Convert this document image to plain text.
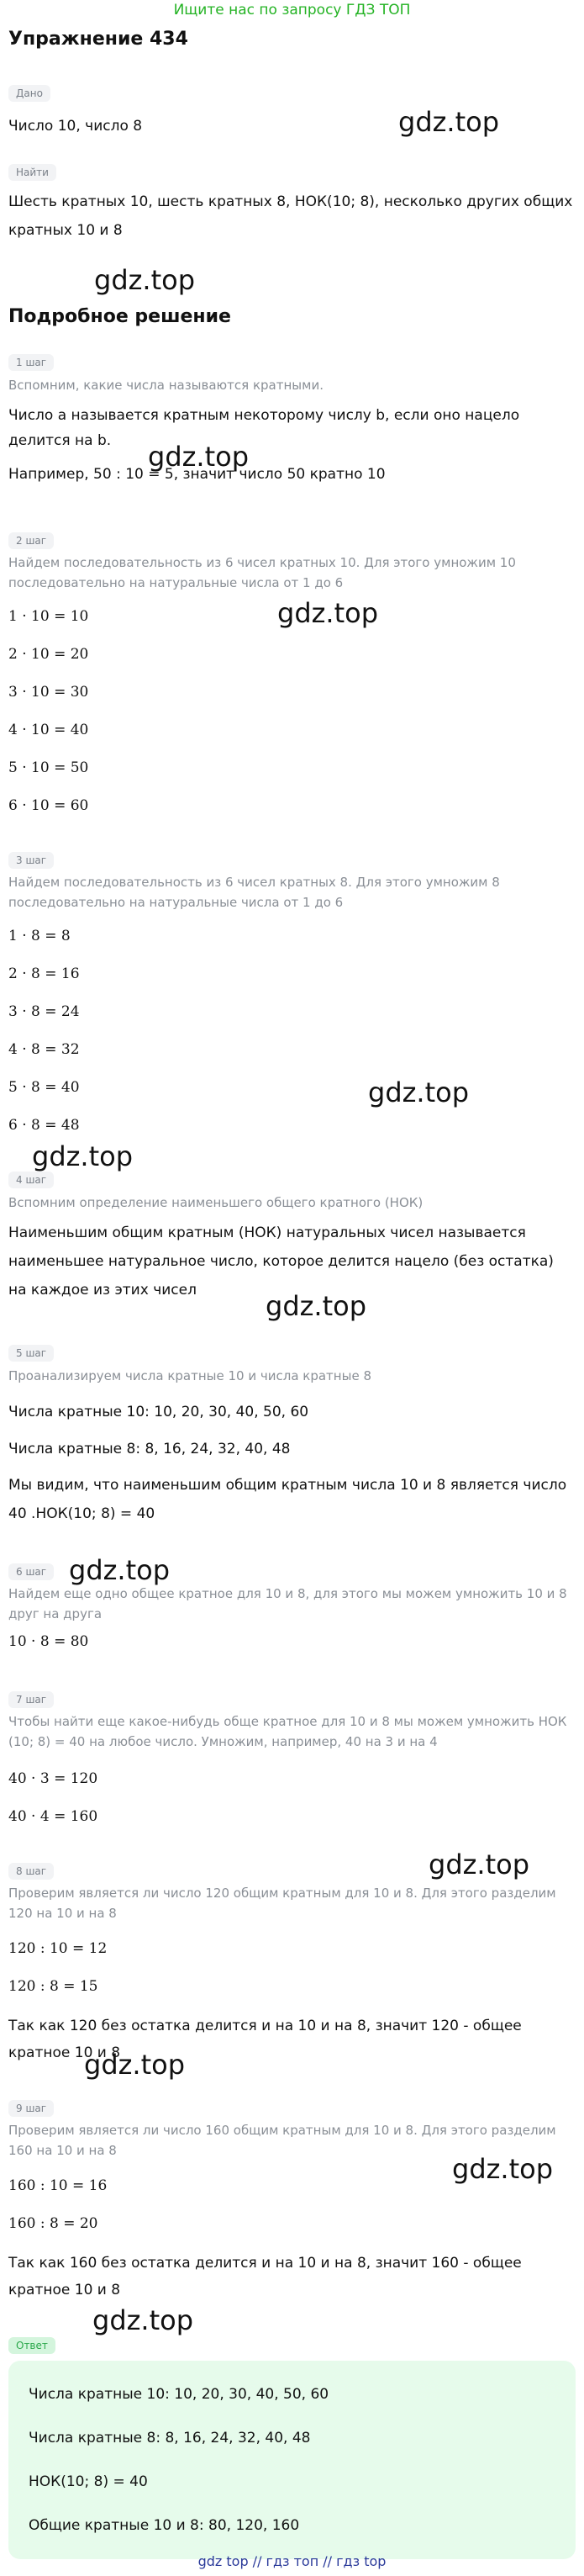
Ищите нас по запросу ГДЗ ТОП
Упражнение 434
Дано
Число 10, число 8
Найти
Шесть кратных 10, шесть кратных 8, НОК(10; 8), несколько других общих кратных 10 и 8
Подробное решение
1 шаг
Вспомним, какие числа называются кратными.
Число a называется кратным некоторому числу b, если оно нацело делится на b.
Например, 50 : 10 = 5, значит число 50 кратно 10
2 шаг
Найдем последовательность из 6 чисел кратных 10. Для этого умножим 10 последовательно на натуральные числа от 1 до 6
1 · 10 = 10
2 · 10 = 20
3 · 10 = 30
4 · 10 = 40
5 · 10 = 50
6 · 10 = 60
3 шаг
Найдем последовательность из 6 чисел кратных 8. Для этого умножим 8 последовательно на натуральные числа от 1 до 6
1 · 8 = 8
2 · 8 = 16
3 · 8 = 24
4 · 8 = 32
5 · 8 = 40
6 · 8 = 48
4 шаг
Вспомним определение наименьшего общего кратного (НОК)
Наименьшим общим кратным (НОК) натуральных чисел называется наименьшее натуральное число, которое делится нацело (без остатка) на каждое из этих чисел
5 шаг
Проанализируем числа кратные 10 и числа кратные 8
Числа кратные 10: 10, 20, 30, 40, 50, 60
Числа кратные 8: 8, 16, 24, 32, 40, 48
Мы видим, что наименьшим общим кратным числа 10 и 8 является число 40 .НОК(10; 8) = 40
6 шаг
Найдем еще одно общее кратное для 10 и 8, для этого мы можем умножить 10 и 8 друг на друга
10 · 8 = 80
7 шаг
Чтобы найти еще какое-нибудь обще кратное для 10 и 8 мы можем умножить НОК (10; 8) = 40 на любое число. Умножим, например, 40 на 3 и на 4
40 · 3 = 120
40 · 4 = 160
8 шаг
Проверим является ли число 120 общим кратным для 10 и 8. Для этого разделим 120 на 10 и на 8
120 : 10 = 12
120 : 8 = 15
Так как 120 без остатка делится и на 10 и на 8, значит 120 - общее кратное 10 и 8
9 шаг
Проверим является ли число 160 общим кратным для 10 и 8. Для этого разделим 160 на 10 и на 8
160 : 10 = 16
160 : 8 = 20
Так как 160 без остатка делится и на 10 и на 8, значит 160 - общее кратное 10 и 8
Ответ
Числа кратные 10: 10, 20, 30, 40, 50, 60
Числа кратные 8: 8, 16, 24, 32, 40, 48
НОК(10; 8) = 40
Общие кратные 10 и 8: 80, 120, 160
gdz.top
gdz.top
gdz.top
gdz.top
gdz.top
gdz.top
gdz.top
gdz.top
gdz.top
gdz.top
gdz.top
gdz.top
gdz top // гдз топ // гдз top
